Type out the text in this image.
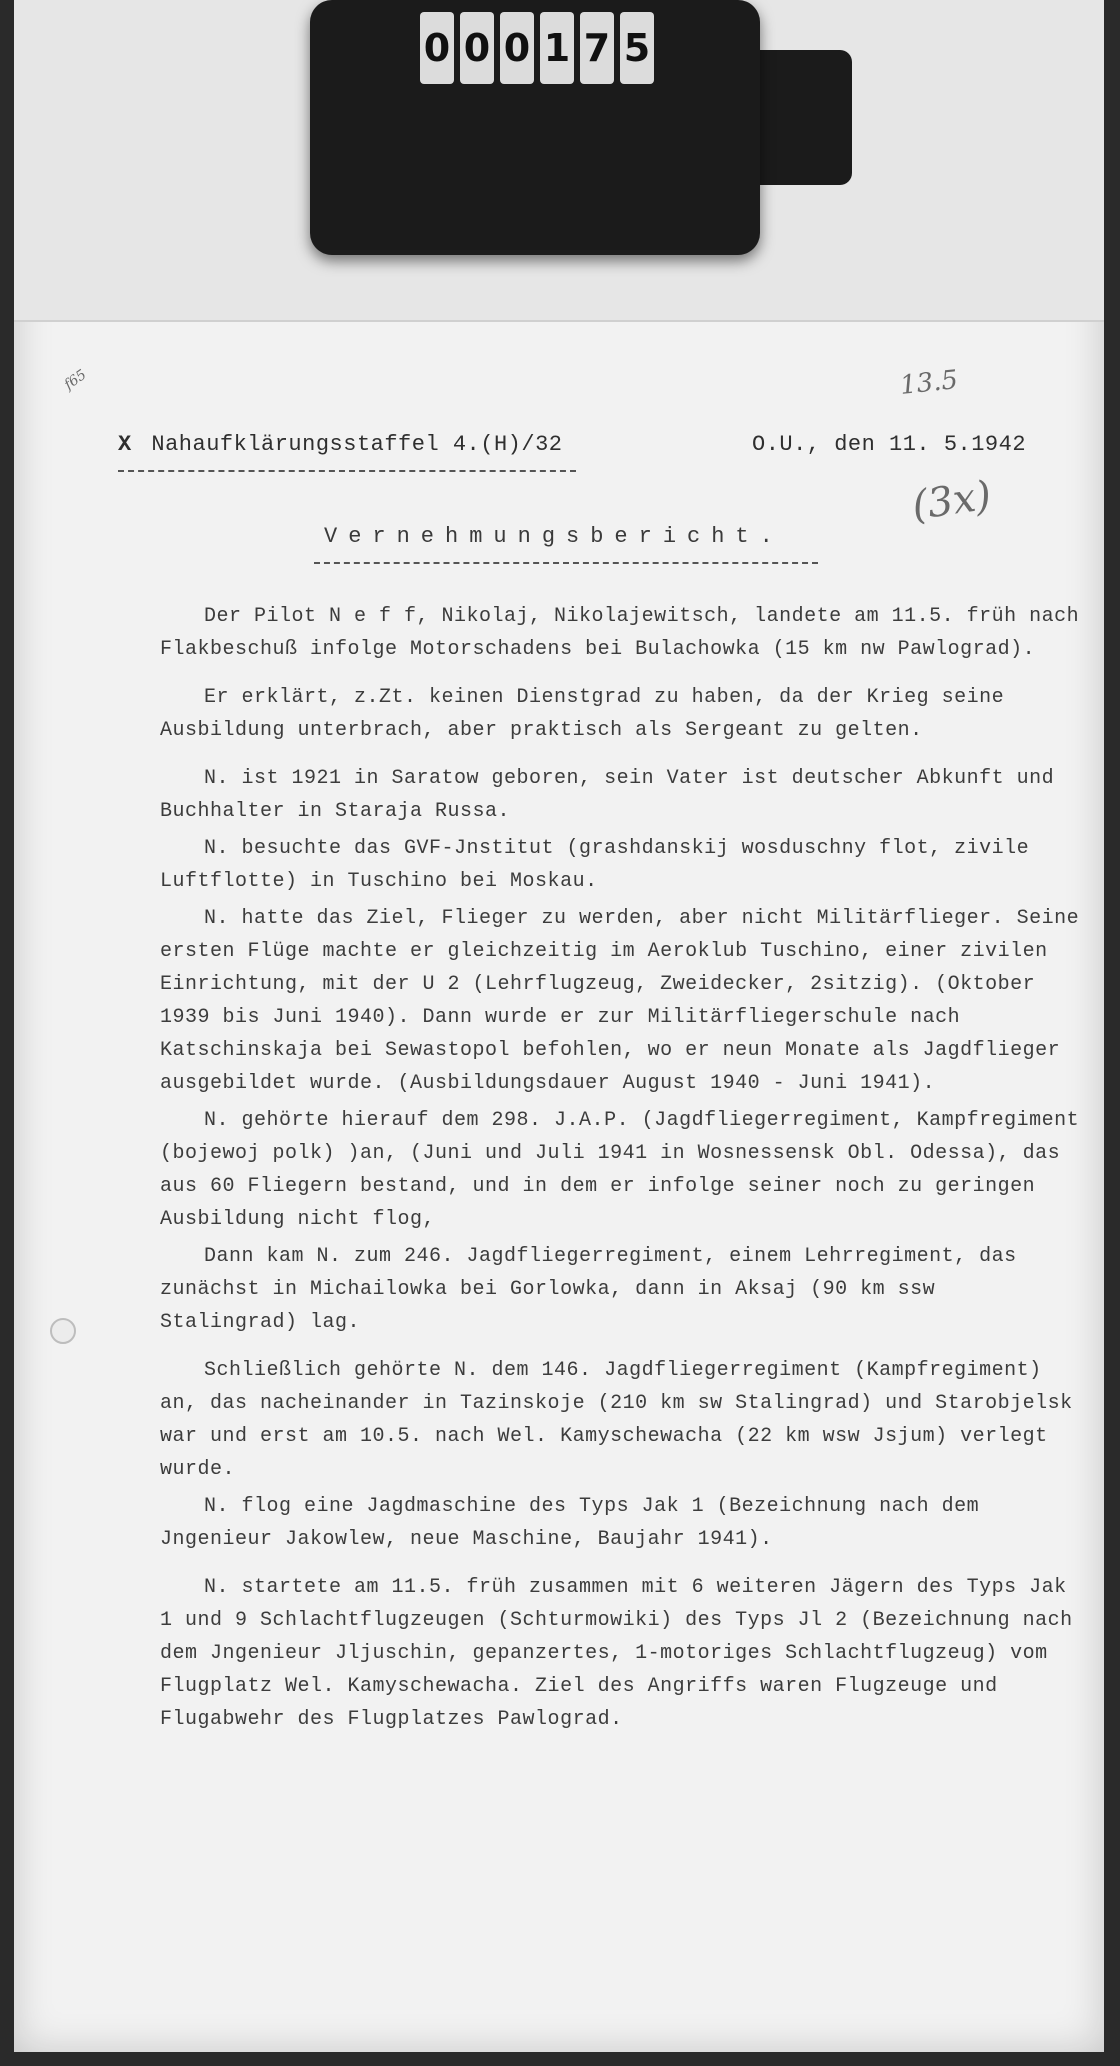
0 0 0 1 7 5
f65	13.5
(3x)
X Nahaufklärungsstaffel 4.(H)/32	O.U., den 11. 5.1942
Vernehmungsbericht.

Der Pilot N e f f, Nikolaj, Nikolajewitsch, landete am 11.5. früh nach Flakbeschuß infolge Motorschadens bei Bulachowka (15 km nw Pawlograd).

Er erklärt, z.Zt. keinen Dienstgrad zu haben, da der Krieg seine Ausbildung unterbrach, aber praktisch als Sergeant zu gelten.

N. ist 1921 in Saratow geboren, sein Vater ist deutscher Abkunft und Buchhalter in Staraja Russa.

N. besuchte das GVF-Jnstitut (grashdanskij wosduschny flot, zivile Luftflotte) in Tuschino bei Moskau.

N. hatte das Ziel, Flieger zu werden, aber nicht Militärflieger. Seine ersten Flüge machte er gleichzeitig im Aeroklub Tuschino, einer zivilen Einrichtung, mit der U 2 (Lehrflugzeug, Zweidecker, 2sitzig). (Oktober 1939 bis Juni 1940). Dann wurde er zur Militärfliegerschule nach Katschinskaja bei Sewastopol befohlen, wo er neun Monate als Jagdflieger ausgebildet wurde. (Ausbildungsdauer August 1940 - Juni 1941).

N. gehörte hierauf dem 298. J.A.P. (Jagdfliegerregiment, Kampfregiment (bojewoj polk) )an, (Juni und Juli 1941 in Wosnessensk Obl. Odessa), das aus 60 Fliegern bestand, und in dem er infolge seiner noch zu geringen Ausbildung nicht flog,

Dann kam N. zum 246. Jagdfliegerregiment, einem Lehrregiment, das zunächst in Michailowka bei Gorlowka, dann in Aksaj (90 km ssw Stalingrad) lag.

Schließlich gehörte N. dem 146. Jagdfliegerregiment (Kampfregiment) an, das nacheinander in Tazinskoje (210 km sw Stalingrad) und Starobjelsk war und erst am 10.5. nach Wel. Kamyschewacha (22 km wsw Jsjum) verlegt wurde.

N. flog eine Jagdmaschine des Typs Jak 1 (Bezeichnung nach dem Jngenieur Jakowlew, neue Maschine, Baujahr 1941).

N. startete am 11.5. früh zusammen mit 6 weiteren Jägern des Typs Jak 1 und 9 Schlachtflugzeugen (Schturmowiki) des Typs Jl 2 (Bezeichnung nach dem Jngenieur Jljuschin, gepanzertes, 1-motoriges Schlachtflugzeug) vom Flugplatz Wel. Kamyschewacha. Ziel des Angriffs waren Flugzeuge und Flugabwehr des Flugplatzes Pawlograd.
